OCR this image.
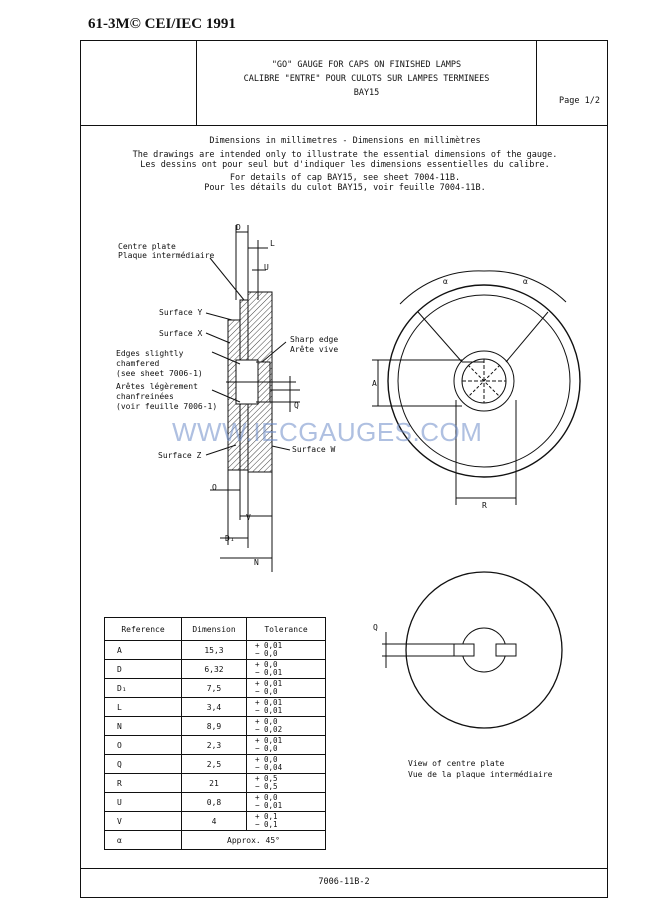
61-3M© CEI/IEC 1991
Page 1/2
"GO" GAUGE FOR CAPS ON FINISHED LAMPS
CALIBRE "ENTRE" POUR CULOTS SUR LAMPES TERMINEES
BAY15
Dimensions in millimetres - Dimensions en millimètres
The drawings are intended only to illustrate the essential dimensions of the gauge.
Les dessins ont pour seul but d'indiquer les dimensions essentielles du calibre.
For details of cap BAY15, see sheet 7004-11B.
Pour les détails du culot BAY15, voir feuille 7004-11B.
Centre plate
Plaque intermédiaire
Surface Y
Surface X
Edges slightly
chamfered
(see sheet 7006-1)
Arêtes légèrement
chanfreinées
(voir feuille 7006-1)
Sharp edge
Arête vive
Surface Z
Surface W
D
L
U
Q
O
V
D₁
N
α	α
A
R
Q
WWW.IECGAUGES.COM
Reference	Dimension	Tolerance
A	15,3	+ 0,01
− 0,0

D	6,32	+ 0,0
− 0,01

D₁	7,5	+ 0,01
− 0,0

L	3,4	+ 0,01
− 0,01

N	8,9	+ 0,0
− 0,02

O	2,3	+ 0,01
− 0,0

Q	2,5	+ 0,0
− 0,04

R	21	+ 0,5
− 0,5

U	0,8	+ 0,0
− 0,01

V	4	+ 0,1
− 0,1

α	Approx. 45°	
View of centre plate
Vue de la plaque intermédiaire
7006-11B-2
